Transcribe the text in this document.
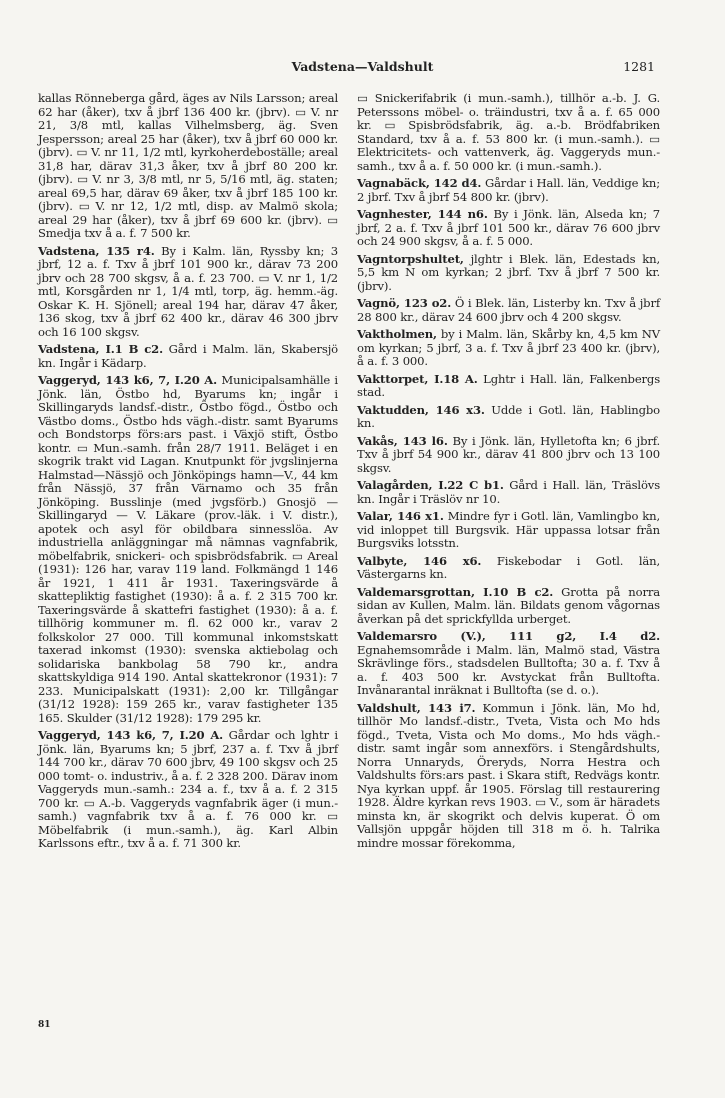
Vadstena—Valdshult	1281

kallas Rönneberga gård, äges av Nils Larsson; areal 62 har (åker), txv å jbrf 136 400 kr. (jbrv). ▭ V. nr 21, 3/8 mtl, kallas Vilhelmsberg, äg. Sven Jespersson; areal 25 har (åker), txv å jbrf 60 000 kr. (jbrv). ▭ V. nr 11, 1/2 mtl, kyrkoherdeboställe; areal 31,8 har, därav 31,3 åker, txv å jbrf 80 200 kr. (jbrv). ▭ V. nr 3, 3/8 mtl, nr 5, 5/16 mtl, äg. staten; areal 69,5 har, därav 69 åker, txv å jbrf 185 100 kr. (jbrv). ▭ V. nr 12, 1/2 mtl, disp. av Malmö skola; areal 29 har (åker), txv å jbrf 69 600 kr. (jbrv). ▭ Smedja txv å a. f. 7 500 kr.

Vadstena, 135 r4. By i Kalm. län, Ryssby kn; 3 jbrf, 12 a. f. Txv å jbrf 101 900 kr., därav 73 200 jbrv och 28 700 skgsv, å a. f. 23 700. ▭ V. nr 1, 1/2 mtl, Korsgården nr 1, 1/4 mtl, torp, äg. hemm.-äg. Oskar K. H. Sjönell; areal 194 har, därav 47 åker, 136 skog, txv å jbrf 62 400 kr., därav 46 300 jbrv och 16 100 skgsv.

Vadstena, I.1 B c2. Gård i Malm. län, Skabersjö kn. Ingår i Kädarp.

Vaggeryd, 143 k6, 7, I.20 A. Municipalsamhälle i Jönk. län, Östbo hd, Byarums kn; ingår i Skillingaryds landsf.-distr., Östbo fögd., Östbo och Västbo doms., Östbo hds vägh.-distr. samt Byarums och Bondstorps förs:ars past. i Växjö stift, Östbo kontr. ▭ Mun.-samh. från 28/7 1911. Beläget i en skogrik trakt vid Lagan. Knutpunkt för jvgslinjerna Halmstad—Nässjö och Jönköpings hamn—V., 44 km från Nässjö, 37 från Värnamo och 35 från Jönköping. Busslinje (med jvgsförb.) Gnosjö — Skillingaryd — V. Läkare (prov.-läk. i V. distr.), apotek och asyl för obildbara sinnesslöa. Av industriella anläggningar må nämnas vagnfabrik, möbelfabrik, snickeri- och spisbrödsfabrik. ▭ Areal (1931): 126 har, varav 119 land. Folkmängd 1 146 år 1921, 1 411 år 1931. Taxeringsvärde å skattepliktig fastighet (1930): å a. f. 2 315 700 kr. Taxeringsvärde å skattefri fastighet (1930): å a. f. tillhörig kommuner m. fl. 62 000 kr., varav 2 folkskolor 27 000. Till kommunal inkomstskatt taxerad inkomst (1930): svenska aktiebolag och solidariska bankbolag 58 790 kr., andra skattskyldiga 914 190. Antal skattekronor (1931): 7 233. Municipalskatt (1931): 2,00 kr. Tillgångar (31/12 1928): 159 265 kr., varav fastigheter 135 165. Skulder (31/12 1928): 179 295 kr.

Vaggeryd, 143 k6, 7, I.20 A. Gårdar och lghtr i Jönk. län, Byarums kn; 5 jbrf, 237 a. f. Txv å jbrf 144 700 kr., därav 70 600 jbrv, 49 100 skgsv och 25 000 tomt- o. industriv., å a. f. 2 328 200. Därav inom Vaggeryds mun.-samh.: 234 a. f., txv å a. f. 2 315 700 kr. ▭ A.-b. Vaggeryds vagnfabrik äger (i mun.-samh.) vagnfabrik txv å a. f. 76 000 kr. ▭ Möbelfabrik (i mun.-samh.), äg. Karl Albin Karlssons eftr., txv å a. f. 71 300 kr.

▭ Snickerifabrik (i mun.-samh.), tillhör a.-b. J. G. Peterssons möbel- o. träindustri, txv å a. f. 65 000 kr. ▭ Spisbrödsfabrik, äg. a.-b. Brödfabriken Standard, txv å a. f. 53 800 kr. (i mun.-samh.). ▭ Elektricitets- och vattenverk, äg. Vaggeryds mun.-samh., txv å a. f. 50 000 kr. (i mun.-samh.).

Vagnabäck, 142 d4. Gårdar i Hall. län, Veddige kn; 2 jbrf. Txv å jbrf 54 800 kr. (jbrv).

Vagnhester, 144 n6. By i Jönk. län, Alseda kn; 7 jbrf, 2 a. f. Txv å jbrf 101 500 kr., därav 76 600 jbrv och 24 900 skgsv, å a. f. 5 000.

Vagntorpshultet, jlghtr i Blek. län, Edestads kn, 5,5 km N om kyrkan; 2 jbrf. Txv å jbrf 7 500 kr. (jbrv).

Vagnö, 123 o2. Ö i Blek. län, Listerby kn. Txv å jbrf 28 800 kr., därav 24 600 jbrv och 4 200 skgsv.

Vaktholmen, by i Malm. län, Skårby kn, 4,5 km NV om kyrkan; 5 jbrf, 3 a. f. Txv å jbrf 23 400 kr. (jbrv), å a. f. 3 000.

Vakttorpet, I.18 A. Lghtr i Hall. län, Falkenbergs stad.

Vaktudden, 146 x3. Udde i Gotl. län, Hablingbo kn.

Vakås, 143 l6. By i Jönk. län, Hylletofta kn; 6 jbrf. Txv å jbrf 54 900 kr., därav 41 800 jbrv och 13 100 skgsv.

Valagården, I.22 C b1. Gård i Hall. län, Träslövs kn. Ingår i Träslöv nr 10.

Valar, 146 x1. Mindre fyr i Gotl. län, Vamlingbo kn, vid inloppet till Burgsvik. Här uppassa lotsar från Burgsviks lotsstn.

Valbyte, 146 x6. Fiskebodar i Gotl. län, Västergarns kn.

Valdemarsgrottan, I.10 B c2. Grotta på norra sidan av Kullen, Malm. län. Bildats genom vågornas åverkan på det sprickfyllda urberget.

Valdemarsro (V.), 111 g2, I.4 d2. Egnahemsområde i Malm. län, Malmö stad, Västra Skrävlinge förs., stadsdelen Bulltofta; 30 a. f. Txv å a. f. 403 500 kr. Avstyckat från Bulltofta. Invånarantal inräknat i Bulltofta (se d. o.).

Valdshult, 143 i7. Kommun i Jönk. län, Mo hd, tillhör Mo landsf.-distr., Tveta, Vista och Mo hds fögd., Tveta, Vista och Mo doms., Mo hds vägh.-distr. samt ingår som annexförs. i Stengårdshults, Norra Unnaryds, Öreryds, Norra Hestra och Valdshults förs:ars past. i Skara stift, Redvägs kontr. Nya kyrkan uppf. år 1905. Förslag till restaurering 1928. Äldre kyrkan revs 1903. ▭ V., som är häradets minsta kn, är skogrikt och delvis kuperat. Ö om Vallsjön uppgår höjden till 318 m ö. h. Talrika mindre mossar förekomma,

81
